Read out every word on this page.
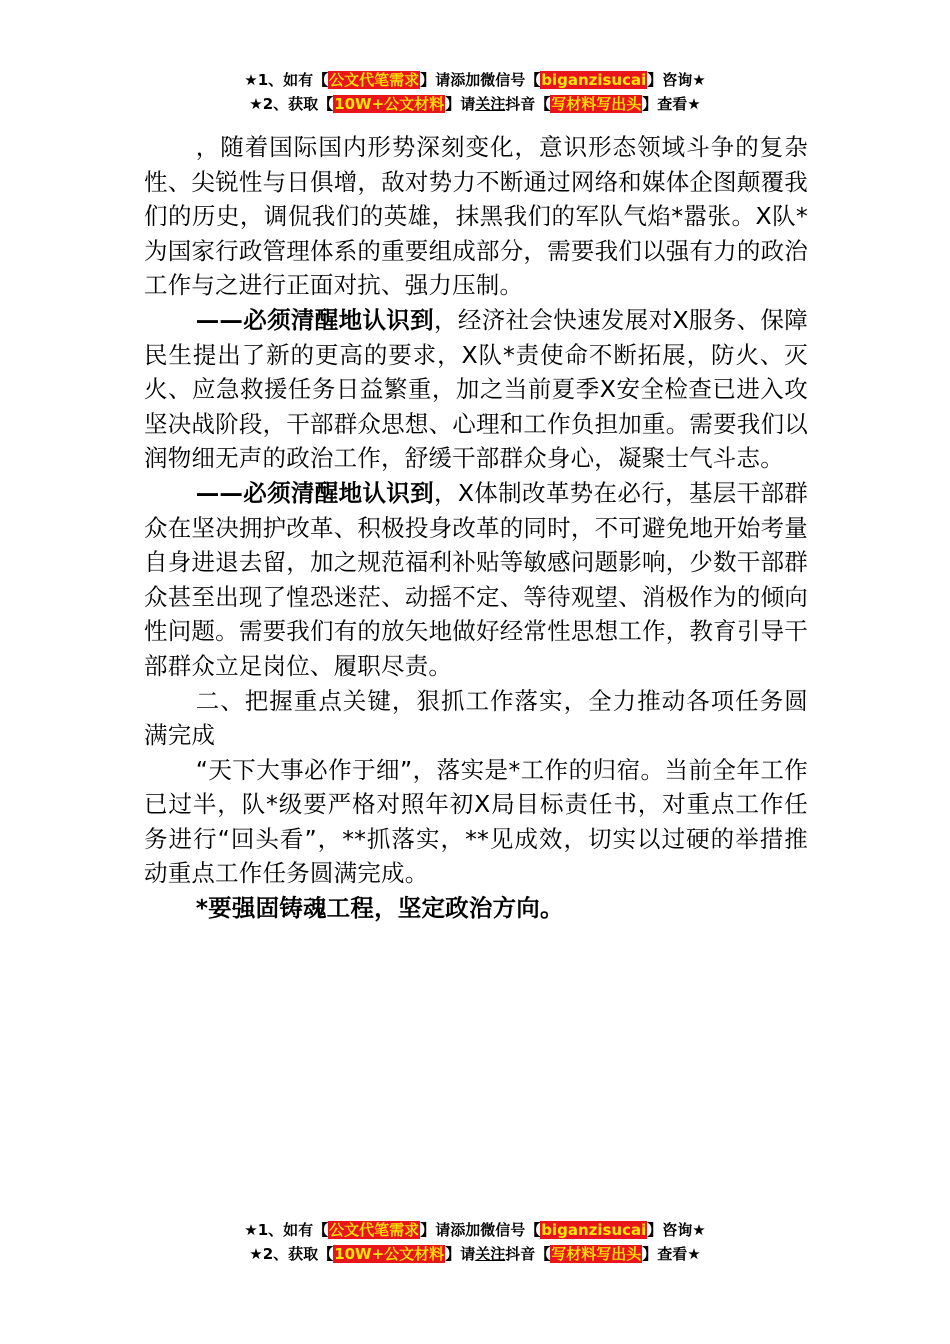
★1、如有【公文代笔需求】请添加微信号【biganzisucai】咨询★
★2、获取【10W+公文材料】请关注抖音【写材料写出头】查看★

，随着国际国内形势深刻变化，意识形态领域斗争的复杂性、尖锐性与日俱增，敌对势力不断通过网络和媒体企图颠覆我们的历史，调侃我们的英雄，抹黑我们的军队气焰*嚣张。X队*为国家行政管理体系的重要组成部分，需要我们以强有力的政治工作与之进行正面对抗、强力压制。

——必须清醒地认识到，经济社会快速发展对X服务、保障民生提出了新的更高的要求，X队*责使命不断拓展，防火、灭火、应急救援任务日益繁重，加之当前夏季X安全检查已进入攻坚决战阶段，干部群众思想、心理和工作负担加重。需要我们以润物细无声的政治工作，舒缓干部群众身心，凝聚士气斗志。

——必须清醒地认识到，X体制改革势在必行，基层干部群众在坚决拥护改革、积极投身改革的同时，不可避免地开始考量自身进退去留，加之规范福利补贴等敏感问题影响，少数干部群众甚至出现了惶恐迷茫、动摇不定、等待观望、消极作为的倾向性问题。需要我们有的放矢地做好经常性思想工作，教育引导干部群众立足岗位、履职尽责。

二、把握重点关键，狠抓工作落实，全力推动各项任务圆满完成

“天下大事必作于细”，落实是*工作的归宿。当前全年工作已过半，队*级要严格对照年初X局目标责任书，对重点工作任务进行“回头看”，**抓落实，**见成效，切实以过硬的举措推动重点工作任务圆满完成。

*要强固铸魂工程，坚定政治方向。

★1、如有【公文代笔需求】请添加微信号【biganzisucai】咨询★
★2、获取【10W+公文材料】请关注抖音【写材料写出头】查看★
